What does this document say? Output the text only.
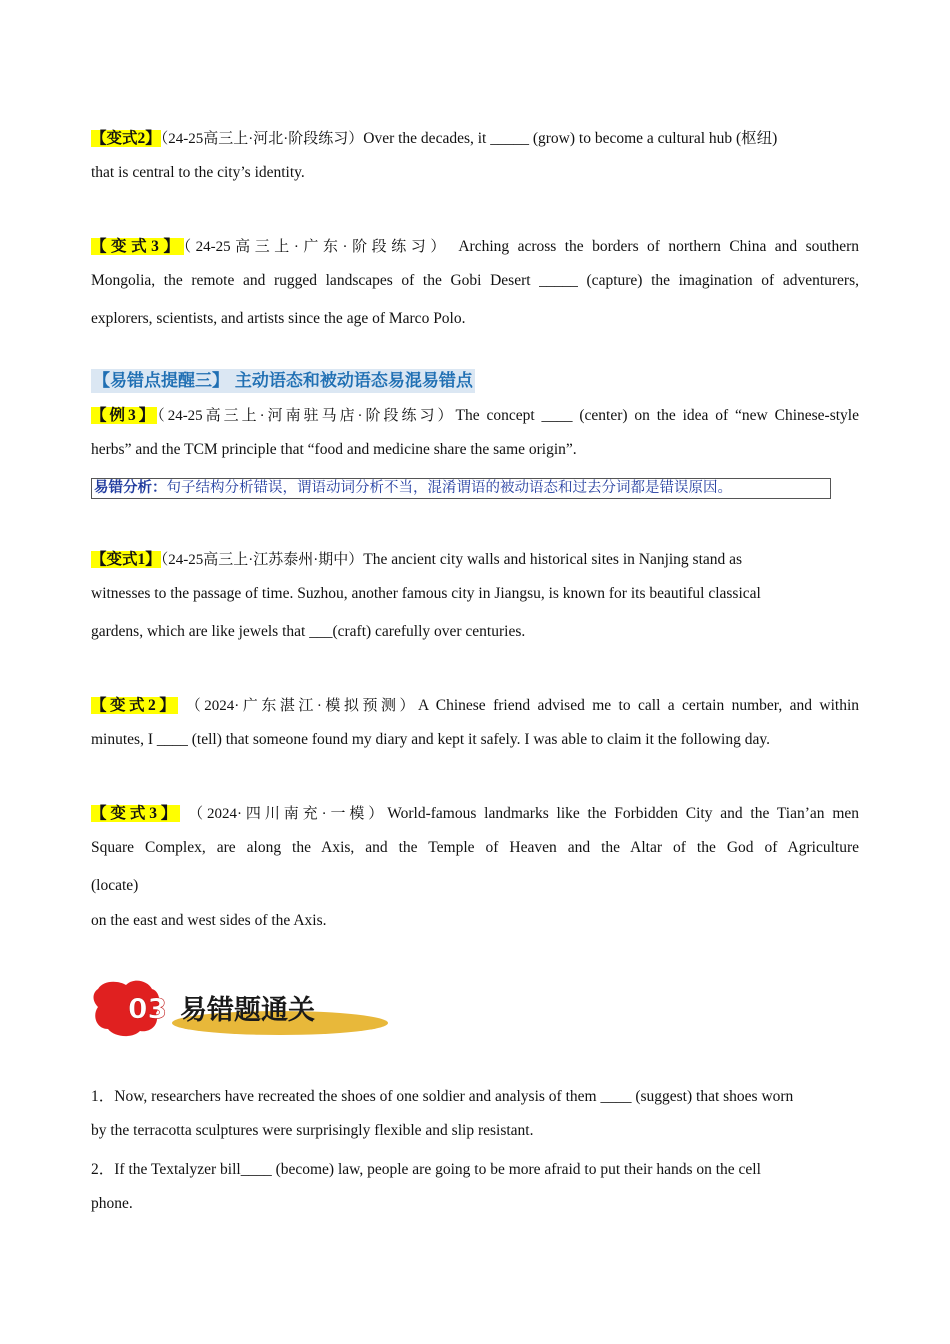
【变式2】（24-25高三上·河北·阶段练习）Over the decades, it _____ (grow) to become a cultural hub (枢纽)
that is central to the city’s identity.
【变式3】（24-25高三上·广东·阶段练习） Arching across the borders of northern China and southern
Mongolia, the remote and rugged landscapes of the Gobi Desert _____ (capture) the imagination of adventurers,
explorers, scientists, and artists since the age of Marco Polo.
【易错点提醒三】 主动语态和被动语态易混易错点
【例3】（24-25高三上·河南驻马店·阶段练习）The concept ____ (center) on the idea of “new Chinese-style
herbs” and the TCM principle that “food and medicine share the same origin”.
易错分析：句子结构分析错误，谓语动词分析不当，混淆谓语的被动语态和过去分词都是错误原因。
【变式1】（24-25高三上·江苏泰州·期中）The ancient city walls and historical sites in Nanjing stand as
witnesses to the passage of time. Suzhou, another famous city in Jiangsu, is known for its beautiful classical
gardens, which are like jewels that ___(craft) carefully over centuries.
【变式2】 （2024·广东湛江·模拟预测）A Chinese friend advised me to call a certain number, and within
minutes, I ____ (tell) that someone found my diary and kept it safely. I was able to claim it the following day.
【变式3】 （2024·四川南充·一模）World-famous landmarks like the Forbidden City and the Tian’an men
Square Complex, are along the Axis, and the Temple of Heaven and the Altar of the God of Agriculture
(locate)
on the east and west sides of the Axis.
03 易错题通关
1．Now, researchers have recreated the shoes of one soldier and analysis of them ____ (suggest) that shoes worn
by the terracotta sculptures were surprisingly flexible and slip resistant.
2．If the Textalyzer bill____ (become) law, people are going to be more afraid to put their hands on the cell
phone.
